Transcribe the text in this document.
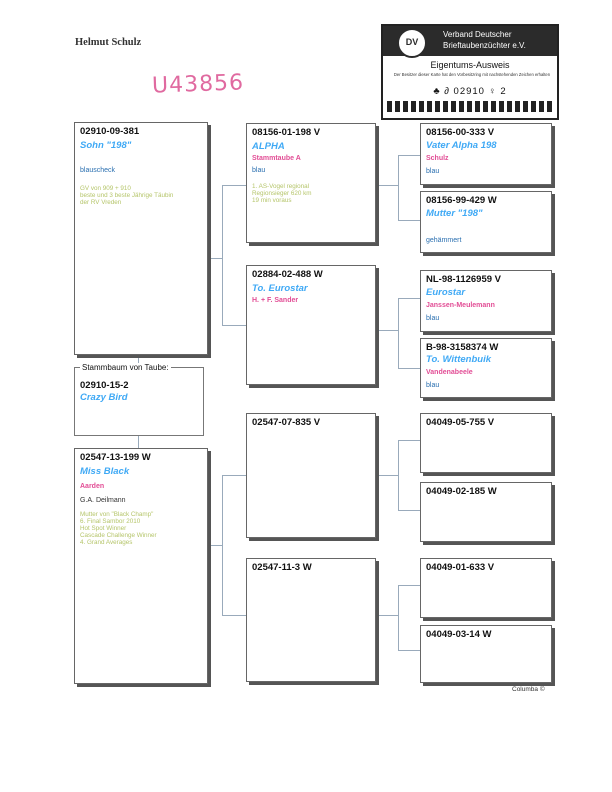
Helmut Schulz
U43856
DV
Verband Deutscher
Brieftaubenzüchter e.V.
Eigentums-Ausweis
Der Besitzer dieser Karte hat den Vorbesitzring mit nachstehenden Zeichen erhalten
♣ ∂ 02910 ♀ 2
02910-09-381
Sohn "198"
blauscheck
GV von 909 + 910
beste und 3 beste Jährige Täubin
der RV Vreden
Stammbaum von Taube:
02910-15-2
Crazy Bird
02547-13-199 W
Miss Black
Aarden
G.A. Deilmann
Mutter von "Black Champ"
6. Final Sambor 2010
Hot Spot Winner
Cascade Challenge Winner
4. Grand Averages
08156-01-198 V
ALPHA
Stammtaube A
blau
1. AS-Vogel regional
Regionsieger 620 km
19 min voraus
02884-02-488 W
To. Eurostar
H. + F. Sander
02547-07-835 V
02547-11-3 W
08156-00-333 V
Vater Alpha 198
Schulz
blau
08156-99-429 W
Mutter "198"
gehämmert
NL-98-1126959 V
Eurostar
Janssen-Meulemann
blau
B-98-3158374 W
To. Wittenbuik
Vandenabeele
blau
04049-05-755 V
04049-02-185 W
04049-01-633 V
04049-03-14 W
Columba ©
